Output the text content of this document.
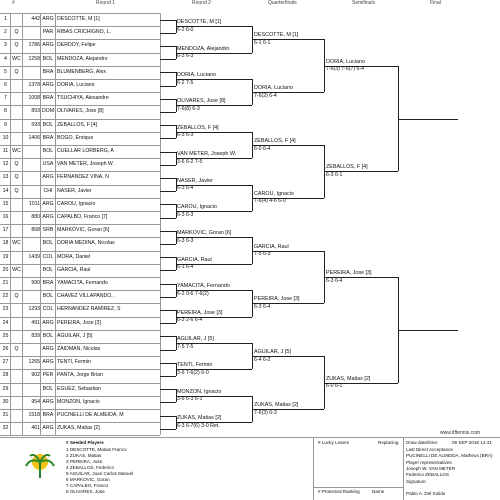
#	Round 1	Round 2	Quarterfinals	Semifinals	Final
1	442 ARG DESCOTTE, M [1]
2	Q	PAR RIBAS CRICHIGNO, L.
3	Q	1786 ARG DERDOY, Felipe
4	WC	1258 BOL MENDOZA, Alejandro
5	Q	BRA BLUMENBERG, Alex
6	1378 ARG DORIA, Luciano
7	1008 BRA TSUCHIYA, Alexandre
8	893 DOM OLIVARES, Jose [8]
9	593 BOL ZEBALLOS, F [4]
10	1406 BRA BOGO, Enrique
11 WC	BOL CUELLAR LORBERG, A
12	Q	USA VAN METER, Joseph W.
13	Q	ARG FERNANDEZ VIÑA, N
14	Q	CHI NASER, Javier
15	1011 ARG CAROU, Ignacio
16	880 ARG CAPALBO, Franco [7]
17	868 SRB MARKOVIC, Goran [6]
18 WC	BOL DORIA MEDINA, Nicolas
19	1439 COL MORA, Daniel
20 WC	BOL GARCIA, Raul
21	990 BRA YAMACITA, Fernando
22	Q	BOL CHAVEZ VILLAPANDO, .
23	1293 COL HERNANDEZ RAMIREZ, S
24	491 ARG PEREIRA, Jose [3]
25	839 BOL AGUILAR, J [5]
26	Q	ARG ZAIDMAN, Nicolas
27	1265 ARG TENTI, Fermin
28	902 PER PANTA, Jorge Brian
29	BOL EGUEZ, Sebastian
30	954 ARG MONZON, Ignacio
31	1518 BRA PUCINELLI DE ALMEIDA, M
32	461 ARG ZUKAS, Matias [2]
DESCOTTE, M [1]
6-2 6-0
MENDOZA, Alejandro
6-3 6-3
DORIA, Luciano
6-2 7-5
OLIVARES, Jose [8]
7-6(8) 6-3
ZEBALLOS, F [4]
6-3 6-3
VAN METER, Joseph W.
3-6 6-2 7-5
NASER, Javier
6-3 6-4
CAROU, Ignacio
6-3 6-3
MARKOVIC, Goran [6]
6-3 6-3
GARCIA, Raul
6-1 6-4
YAMACITA, Fernando
6-2 0-6 7-6(2)
PEREIRA, Jose [3]
6-3 2-6 6-4
AGUILAR, J [5]
7-5 7-5
TENTI, Fermin
3-6 7-6(2) 6-0
MONZON, Ignacio
3-6 6-3 6-1
ZUKAS, Matias [2]
6-3 6-7(6) 3-0 Ret.
DESCOTTE, M [1]
6-1 6-1
DORIA, Luciano
7-6(2) 6-4
ZEBALLOS, F [4]
6-0 6-4
CAROU, Ignacio
7-6(4) 4-6 6-0
GARCIA, Raul
7-5 6-3
PEREIRA, Jose [3]
6-3 6-4
AGUILAR, J [5]
6-4 6-2
ZUKAS, Matias [2]
7-6(3) 6-3
DORIA, Luciano
7-6(3) 7-6(7) 6-4
ZEBALLOS, F [4]
6-3 6-1
PEREIRA, Jose [3]
6-3 6-4
ZUKAS, Matias [2]
6-0 6-1
# Seeded Players
1 DESCOTTE, Matias Franco
2 ZUKAS, Matias
3 PEREIRA, Jose
4 ZEBALLOS, Federico
5 AGUILAR, Juan Carlos Manuel
6 MARKOVIC, Goran
7 CAPALBO, Franco
8 OLIVARES, Jose
# Lucky Losers	Replacing
# Protected Ranking	Name
Draw date/time:	09 SEP 2018 12:41
Last Direct Acceptance
PUCINELLI DE ALMEIDA, Matheus (BRA)
Player representatives
Joseph W. VAN METER
Federico ZEBALLOS
Signature
Pablo A. Del Solido
www.itftennis.com
